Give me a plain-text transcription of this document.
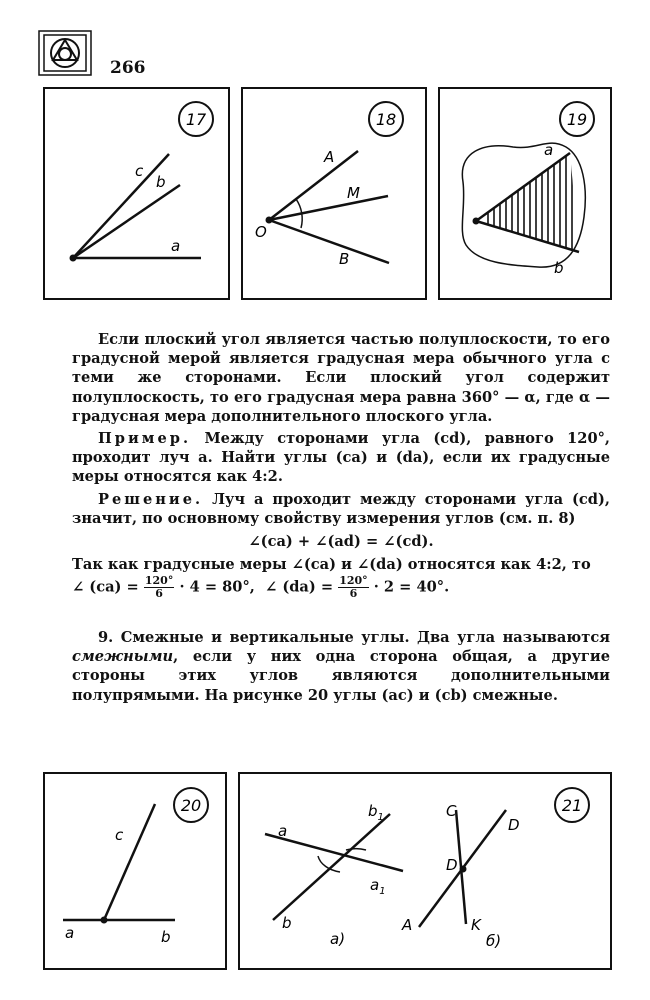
266
17
c
b
a
18
A
M
O
B
19
a
b

Если плоский угол является частью полуплоскости, то его градусной мерой является градусная мера обычного угла с теми же сторонами. Если плоский угол содержит полуплоскость, то его градусная мера равна 360° — α, где α — градусная мера дополнительного плоского угла.

Пример. Между сторонами угла (cd), равного 120°, проходит луч a. Найти углы (ca) и (da), если их градусные меры относятся как 4:2.

Решение. Луч a проходит между сторонами угла (cd), значит, по основному свойству измерения углов (см. п. 8)

∠(ca) + ∠(ad) = ∠(cd).

Так как градусные меры ∠(ca) и ∠(da) относятся как 4:2, то

∠ $(ca) = \frac{120^\circ}{6} \cdot 4 = 80^\circ$, ∠ $(da) = \frac{120^\circ}{6} \cdot 2 = 40^\circ$.

9. Смежные и вертикальные углы. Два угла называются смежными, если у них одна сторона общая, а другие стороны этих углов являются дополнительными полупрямыми. На рисунке 20 углы (ac) и (cb) смежные.

20
c
a	b
21
a
$b_1$
$a_1$
b
а)
C
D
D
A	K
б)
